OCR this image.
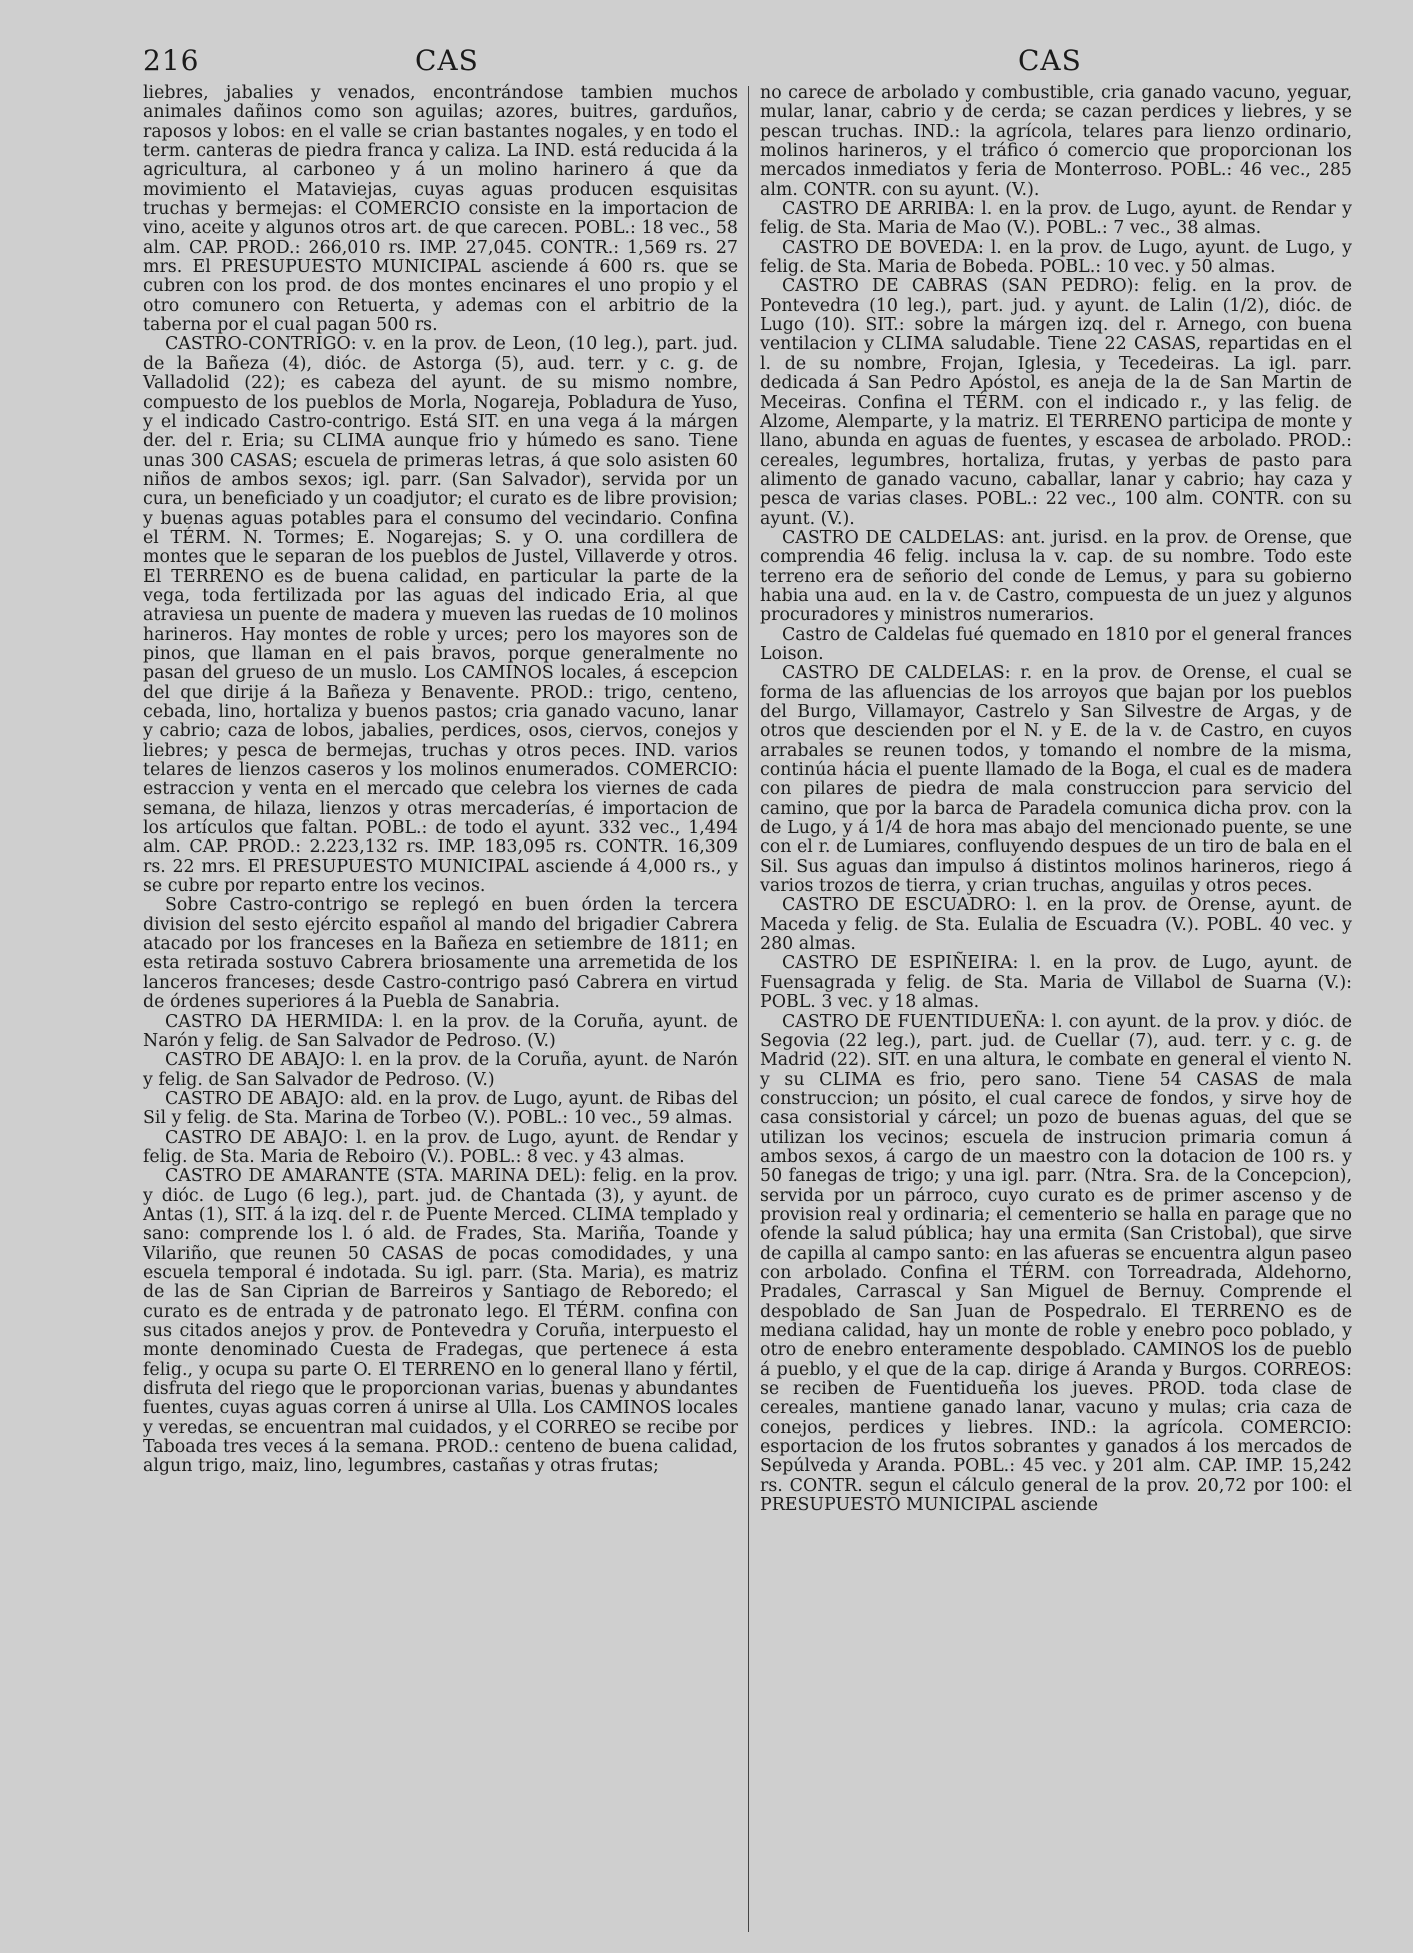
216	CAS	CAS

liebres, jabalies y venados, encontrándose tambien muchos animales dañinos como son aguilas; azores, buitres, garduños, raposos y lobos: en el valle se crian bastantes nogales, y en todo el term. canteras de piedra franca y caliza. La IND. está reducida á la agricultura, al carboneo y á un molino harinero á que da movimiento el Mataviejas, cuyas aguas producen esquisitas truchas y bermejas: el COMERCIO consiste en la importacion de vino, aceite y algunos otros art. de que carecen. POBL.: 18 vec., 58 alm. CAP. PROD.: 266,010 rs. IMP. 27,045. CONTR.: 1,569 rs. 27 mrs. El PRESUPUESTO MUNICIPAL asciende á 600 rs. que se cubren con los prod. de dos montes encinares el uno propio y el otro comunero con Retuerta, y ademas con el arbitrio de la taberna por el cual pagan 500 rs.

CASTRO-CONTRIGO: v. en la prov. de Leon, (10 leg.), part. jud. de la Bañeza (4), dióc. de Astorga (5), aud. terr. y c. g. de Valladolid (22); es cabeza del ayunt. de su mismo nombre, compuesto de los pueblos de Morla, Nogareja, Pobladura de Yuso, y el indicado Castro-contrigo. Está SIT. en una vega á la márgen der. del r. Eria; su CLIMA aunque frio y húmedo es sano. Tiene unas 300 CASAS; escuela de primeras letras, á que solo asisten 60 niños de ambos sexos; igl. parr. (San Salvador), servida por un cura, un beneficiado y un coadjutor; el curato es de libre provision; y buenas aguas potables para el consumo del vecindario. Confina el TÉRM. N. Tormes; E. Nogarejas; S. y O. una cordillera de montes que le separan de los pueblos de Justel, Villaverde y otros. El TERRENO es de buena calidad, en particular la parte de la vega, toda fertilizada por las aguas del indicado Eria, al que atraviesa un puente de madera y mueven las ruedas de 10 molinos harineros. Hay montes de roble y urces; pero los mayores son de pinos, que llaman en el pais bravos, porque generalmente no pasan del grueso de un muslo. Los CAMINOS locales, á escepcion del que dirije á la Bañeza y Benavente. PROD.: trigo, centeno, cebada, lino, hortaliza y buenos pastos; cria ganado vacuno, lanar y cabrio; caza de lobos, jabalies, perdices, osos, ciervos, conejos y liebres; y pesca de bermejas, truchas y otros peces. IND. varios telares de lienzos caseros y los molinos enumerados. COMERCIO: estraccion y venta en el mercado que celebra los viernes de cada semana, de hilaza, lienzos y otras mercaderías, é importacion de los artículos que faltan. POBL.: de todo el ayunt. 332 vec., 1,494 alm. CAP. PROD.: 2.223,132 rs. IMP. 183,095 rs. CONTR. 16,309 rs. 22 mrs. El PRESUPUESTO MUNICIPAL asciende á 4,000 rs., y se cubre por reparto entre los vecinos.

Sobre Castro-contrigo se replegó en buen órden la tercera division del sesto ejército español al mando del brigadier Cabrera atacado por los franceses en la Bañeza en setiembre de 1811; en esta retirada sostuvo Cabrera briosamente una arremetida de los lanceros franceses; desde Castro-contrigo pasó Cabrera en virtud de órdenes superiores á la Puebla de Sanabria.

CASTRO DA HERMIDA: l. en la prov. de la Coruña, ayunt. de Narón y felig. de San Salvador de Pedroso. (V.)

CASTRO DE ABAJO: l. en la prov. de la Coruña, ayunt. de Narón y felig. de San Salvador de Pedroso. (V.)

CASTRO DE ABAJO: ald. en la prov. de Lugo, ayunt. de Ribas del Sil y felig. de Sta. Marina de Torbeo (V.). POBL.: 10 vec., 59 almas.

CASTRO DE ABAJO: l. en la prov. de Lugo, ayunt. de Rendar y felig. de Sta. Maria de Reboiro (V.). POBL.: 8 vec. y 43 almas.

CASTRO DE AMARANTE (STA. MARINA DEL): felig. en la prov. y dióc. de Lugo (6 leg.), part. jud. de Chantada (3), y ayunt. de Antas (1), SIT. á la izq. del r. de Puente Merced. CLIMA templado y sano: comprende los l. ó ald. de Frades, Sta. Mariña, Toande y Vilariño, que reunen 50 CASAS de pocas comodidades, y una escuela temporal é indotada. Su igl. parr. (Sta. Maria), es matriz de las de San Ciprian de Barreiros y Santiago de Reboredo; el curato es de entrada y de patronato lego. El TÉRM. confina con sus citados anejos y prov. de Pontevedra y Coruña, interpuesto el monte denominado Cuesta de Fradegas, que pertenece á esta felig., y ocupa su parte O. El TERRENO en lo general llano y fértil, disfruta del riego que le proporcionan varias, buenas y abundantes fuentes, cuyas aguas corren á unirse al Ulla. Los CAMINOS locales y veredas, se encuentran mal cuidados, y el CORREO se recibe por Taboada tres veces á la semana. PROD.: centeno de buena calidad, algun trigo, maiz, lino, legumbres, castañas y otras frutas;

no carece de arbolado y combustible, cria ganado vacuno, yeguar, mular, lanar, cabrio y de cerda; se cazan perdices y liebres, y se pescan truchas. IND.: la agrícola, telares para lienzo ordinario, molinos harineros, y el tráfico ó comercio que proporcionan los mercados inmediatos y feria de Monterroso. POBL.: 46 vec., 285 alm. CONTR. con su ayunt. (V.).

CASTRO DE ARRIBA: l. en la prov. de Lugo, ayunt. de Rendar y felig. de Sta. Maria de Mao (V.). POBL.: 7 vec., 38 almas.

CASTRO DE BOVEDA: l. en la prov. de Lugo, ayunt. de Lugo, y felig. de Sta. Maria de Bobeda. POBL.: 10 vec. y 50 almas.

CASTRO DE CABRAS (SAN PEDRO): felig. en la prov. de Pontevedra (10 leg.), part. jud. y ayunt. de Lalin (1/2), dióc. de Lugo (10). SIT.: sobre la márgen izq. del r. Arnego, con buena ventilacion y CLIMA saludable. Tiene 22 CASAS, repartidas en el l. de su nombre, Frojan, Iglesia, y Tecedeiras. La igl. parr. dedicada á San Pedro Apóstol, es aneja de la de San Martin de Meceiras. Confina el TÉRM. con el indicado r., y las felig. de Alzome, Alemparte, y la matriz. El TERRENO participa de monte y llano, abunda en aguas de fuentes, y escasea de arbolado. PROD.: cereales, legumbres, hortaliza, frutas, y yerbas de pasto para alimento de ganado vacuno, caballar, lanar y cabrio; hay caza y pesca de varias clases. POBL.: 22 vec., 100 alm. CONTR. con su ayunt. (V.).

CASTRO DE CALDELAS: ant. jurisd. en la prov. de Orense, que comprendia 46 felig. inclusa la v. cap. de su nombre. Todo este terreno era de señorio del conde de Lemus, y para su gobierno habia una aud. en la v. de Castro, compuesta de un juez y algunos procuradores y ministros numerarios.

Castro de Caldelas fué quemado en 1810 por el general frances Loison.

CASTRO DE CALDELAS: r. en la prov. de Orense, el cual se forma de las afluencias de los arroyos que bajan por los pueblos del Burgo, Villamayor, Castrelo y San Silvestre de Argas, y de otros que descienden por el N. y E. de la v. de Castro, en cuyos arrabales se reunen todos, y tomando el nombre de la misma, continúa hácia el puente llamado de la Boga, el cual es de madera con pilares de piedra de mala construccion para servicio del camino, que por la barca de Paradela comunica dicha prov. con la de Lugo, y á 1/4 de hora mas abajo del mencionado puente, se une con el r. de Lumiares, confluyendo despues de un tiro de bala en el Sil. Sus aguas dan impulso á distintos molinos harineros, riego á varios trozos de tierra, y crian truchas, anguilas y otros peces.

CASTRO DE ESCUADRO: l. en la prov. de Orense, ayunt. de Maceda y felig. de Sta. Eulalia de Escuadra (V.). POBL. 40 vec. y 280 almas.

CASTRO DE ESPIÑEIRA: l. en la prov. de Lugo, ayunt. de Fuensagrada y felig. de Sta. Maria de Villabol de Suarna (V.): POBL. 3 vec. y 18 almas.

CASTRO DE FUENTIDUEÑA: l. con ayunt. de la prov. y dióc. de Segovia (22 leg.), part. jud. de Cuellar (7), aud. terr. y c. g. de Madrid (22). SIT. en una altura, le combate en general el viento N. y su CLIMA es frio, pero sano. Tiene 54 CASAS de mala construccion; un pósito, el cual carece de fondos, y sirve hoy de casa consistorial y cárcel; un pozo de buenas aguas, del que se utilizan los vecinos; escuela de instrucion primaria comun á ambos sexos, á cargo de un maestro con la dotacion de 100 rs. y 50 fanegas de trigo; y una igl. parr. (Ntra. Sra. de la Concepcion), servida por un párroco, cuyo curato es de primer ascenso y de provision real y ordinaria; el cementerio se halla en parage que no ofende la salud pública; hay una ermita (San Cristobal), que sirve de capilla al campo santo: en las afueras se encuentra algun paseo con arbolado. Confina el TÉRM. con Torreadrada, Aldehorno, Pradales, Carrascal y San Miguel de Bernuy. Comprende el despoblado de San Juan de Pospedralo. El TERRENO es de mediana calidad, hay un monte de roble y enebro poco poblado, y otro de enebro enteramente despoblado. CAMINOS los de pueblo á pueblo, y el que de la cap. dirige á Aranda y Burgos. CORREOS: se reciben de Fuentidueña los jueves. PROD. toda clase de cereales, mantiene ganado lanar, vacuno y mulas; cria caza de conejos, perdices y liebres. IND.: la agrícola. COMERCIO: esportacion de los frutos sobrantes y ganados á los mercados de Sepúlveda y Aranda. POBL.: 45 vec. y 201 alm. CAP. IMP. 15,242 rs. CONTR. segun el cálculo general de la prov. 20,72 por 100: el PRESUPUESTO MUNICIPAL asciende
